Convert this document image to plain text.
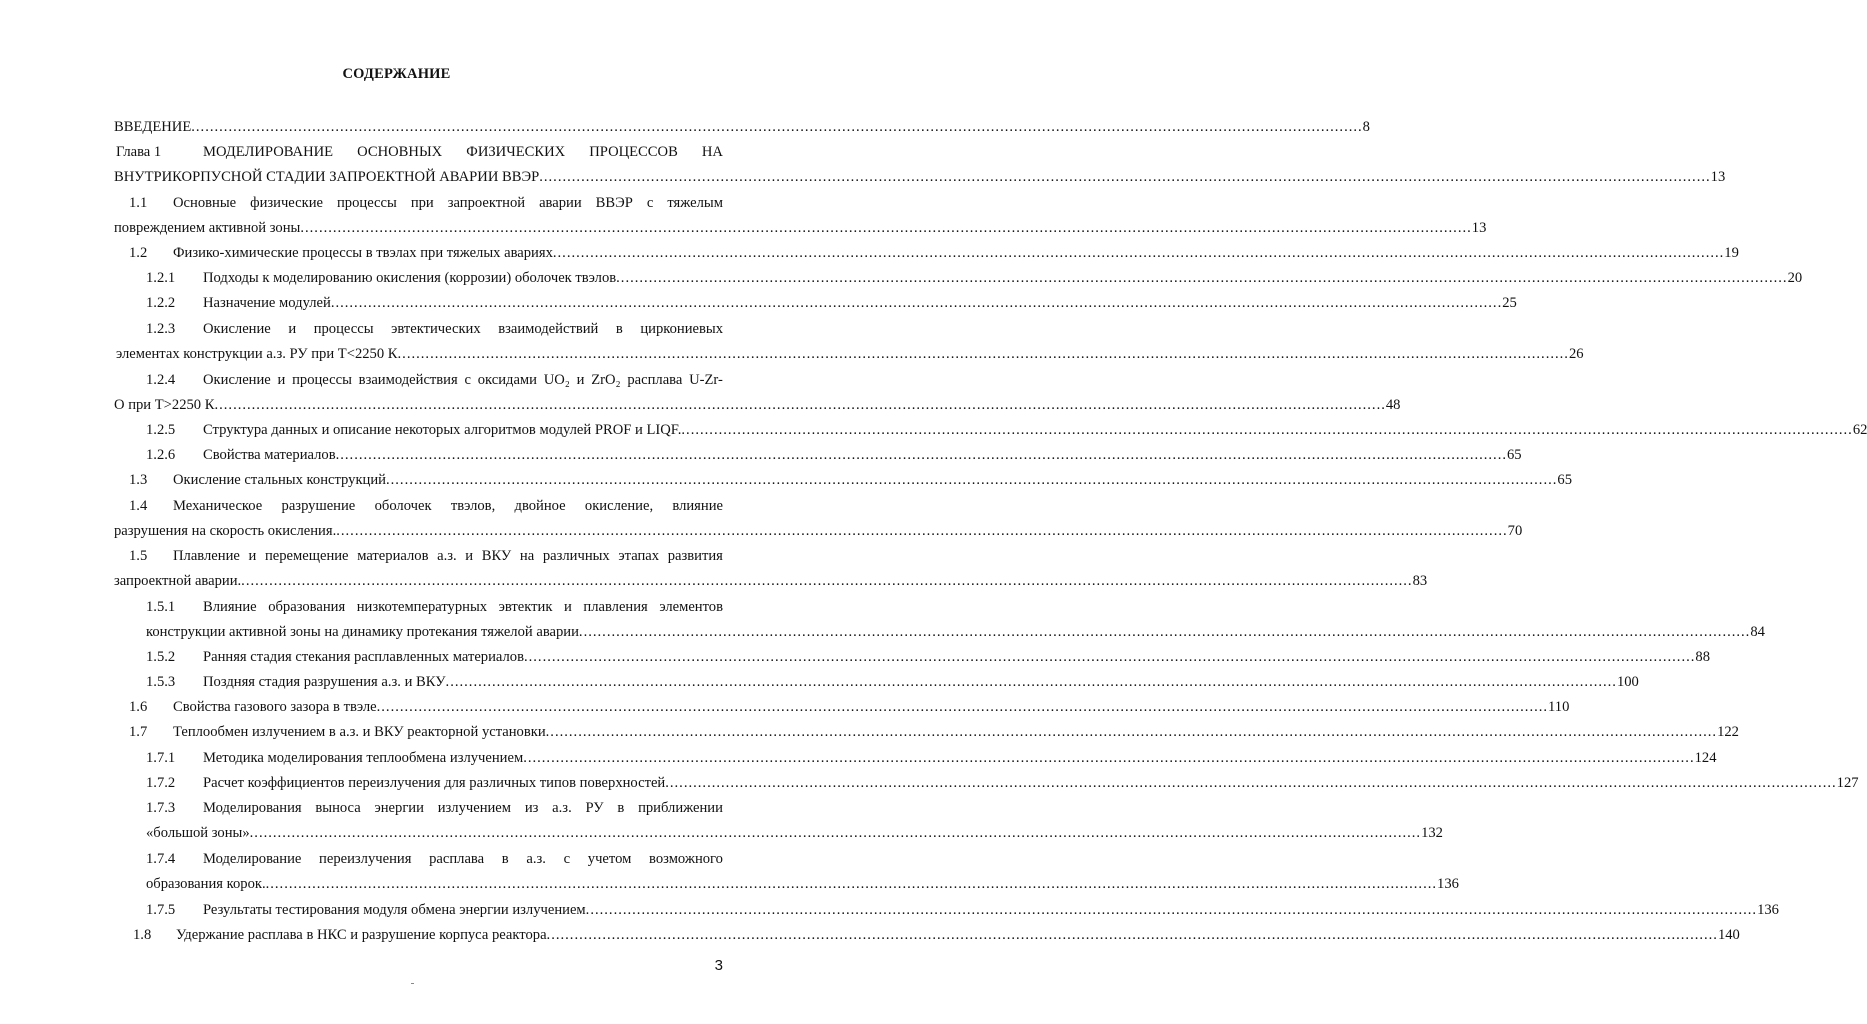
СОДЕРЖАНИЕ
ВВЕДЕНИЕ .....	8
Глава 1	МОДЕЛИРОВАНИЕ ОСНОВНЫХ ФИЗИЧЕСКИХ ПРОЦЕССОВ НА
ВНУТРИКОРПУСНОЙ СТАДИИ ЗАПРОЕКТНОЙ АВАРИИ ВВЭР .....	13
1.1	Основные физические процессы при запроектной аварии ВВЭР с тяжелым
повреждением активной зоны .....	13
1.2	Физико-химические процессы в твэлах при тяжелых авариях .....	19
1.2.1	Подходы к моделированию окисления (коррозии) оболочек твэлов .....	20
1.2.2	Назначение модулей .....	25
1.2.3	Окисление и процессы эвтектических взаимодействий в циркониевых
элементах конструкции а.з. РУ при Т<2250 К .....	26
1.2.4	Окисление и процессы взаимодействия с оксидами UO₂ и ZrO₂ расплава U-Zr-
O при Т>2250 К .....	48
1.2.5	Структура данных и описание некоторых алгоритмов модулей PROF и LIQF. .....	62
1.2.6	Свойства материалов .....	65
1.3	Окисление стальных конструкций .....	65
1.4	Механическое разрушение оболочек твэлов, двойное окисление, влияние
разрушения на скорость окисления. .....	70
1.5	Плавление и перемещение материалов а.з. и ВКУ на различных этапах развития
запроектной аварии. .....	83
1.5.1	Влияние образования низкотемпературных эвтектик и плавления элементов
конструкции активной зоны на динамику протекания тяжелой аварии .....	84
1.5.2	Ранняя стадия стекания расплавленных материалов .....	88
1.5.3	Поздняя стадия разрушения а.з. и ВКУ .....	100
1.6	Свойства газового зазора в твэле .....	110
1.7	Теплообмен излучением в а.з. и ВКУ реакторной установки .....	122
1.7.1	Методика моделирования теплообмена излучением .....	124
1.7.2	Расчет коэффициентов переизлучения для различных типов поверхностей .....	127
1.7.3	Моделирования выноса энергии излучением из а.з. РУ в приближении
«большой зоны» .....	132
1.7.4	Моделирование переизлучения расплава в а.з. с учетом возможного
образования корок. .....	136
1.7.5	Результаты тестирования модуля обмена энергии излучением .....	136
1.8	Удержание расплава в НКС и разрушение корпуса реактора .....	140
3
